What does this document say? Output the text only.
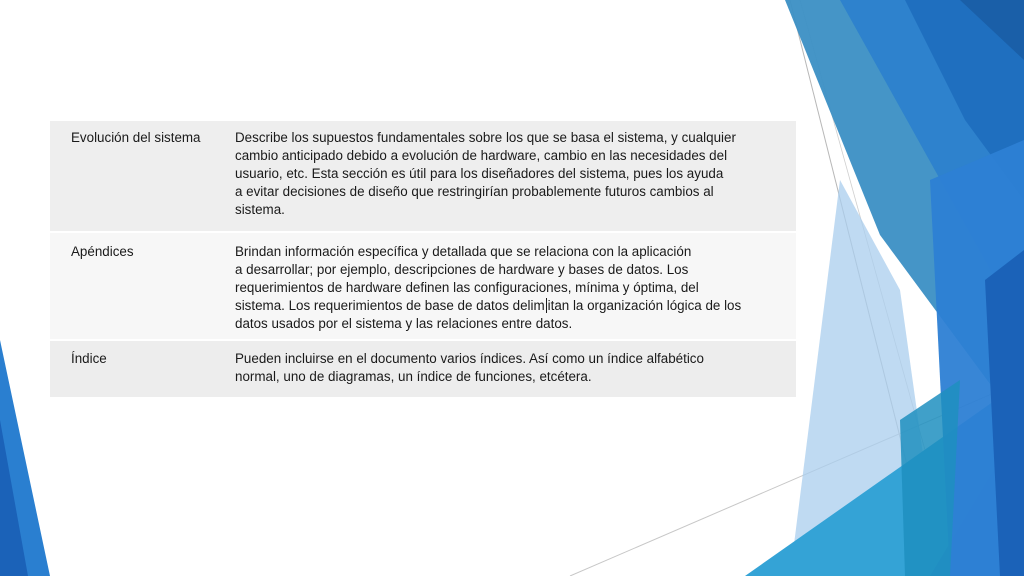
Evolución del sistema	Describe los supuestos fundamentales sobre los que se basa el sistema, y cualquier
cambio anticipado debido a evolución de hardware, cambio en las necesidades del
usuario, etc. Esta sección es útil para los diseñadores del sistema, pues los ayuda
a evitar decisiones de diseño que restringirían probablemente futuros cambios al
sistema.

Apéndices	Brindan información específica y detallada que se relaciona con la aplicación
a desarrollar; por ejemplo, descripciones de hardware y bases de datos. Los
requerimientos de hardware definen las configuraciones, mínima y óptima, del
sistema. Los requerimientos de base de datos delim itan la organización lógica de los
datos usados por el sistema y las relaciones entre datos.

Índice	Pueden incluirse en el documento varios índices. Así como un índice alfabético
normal, uno de diagramas, un índice de funciones, etcétera.
